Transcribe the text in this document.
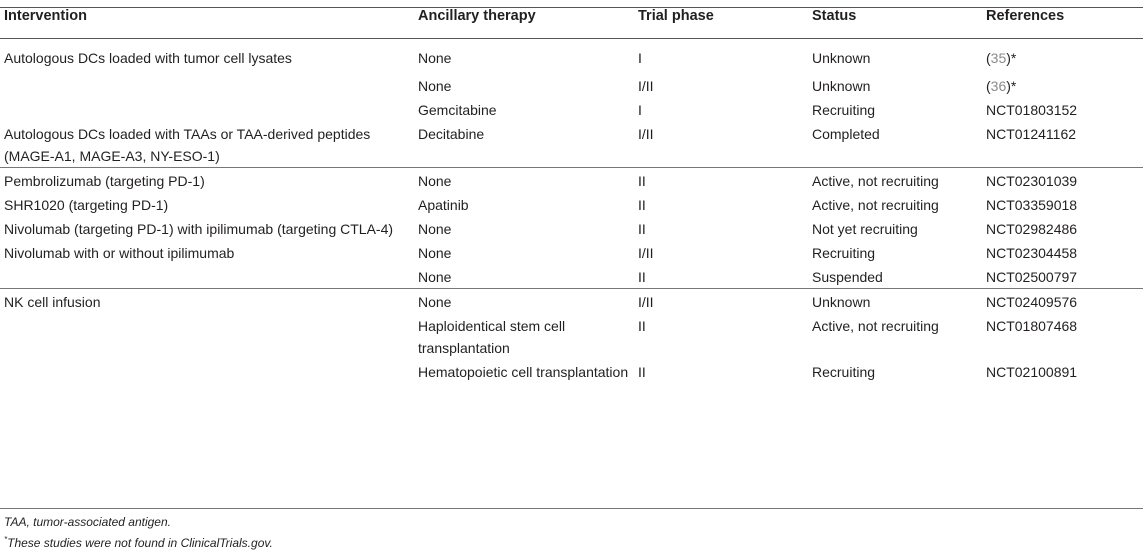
Intervention	Ancillary therapy	Trial phase	Status	References
Autologous DCs loaded with tumor cell lysates	None	I	Unknown	(35)*
	None	I/II	Unknown	(36)*
	Gemcitabine	I	Recruiting	NCT01803152
Autologous DCs loaded with TAAs or TAA-derived peptides (MAGE-A1, MAGE-A3, NY-ESO-1)	Decitabine	I/II	Completed	NCT01241162
Pembrolizumab (targeting PD-1)	None	II	Active, not recruiting	NCT02301039
SHR1020 (targeting PD-1)	Apatinib	II	Active, not recruiting	NCT03359018
Nivolumab (targeting PD-1) with ipilimumab (targeting CTLA-4)	None	II	Not yet recruiting	NCT02982486
Nivolumab with or without ipilimumab	None	I/II	Recruiting	NCT02304458
	None	II	Suspended	NCT02500797
NK cell infusion	None	I/II	Unknown	NCT02409576
	Haploidentical stem cell transplantation	II	Active, not recruiting	NCT01807468
	Hematopoietic cell transplantation	II	Recruiting	NCT02100891
TAA, tumor-associated antigen.
*These studies were not found in ClinicalTrials.gov.
